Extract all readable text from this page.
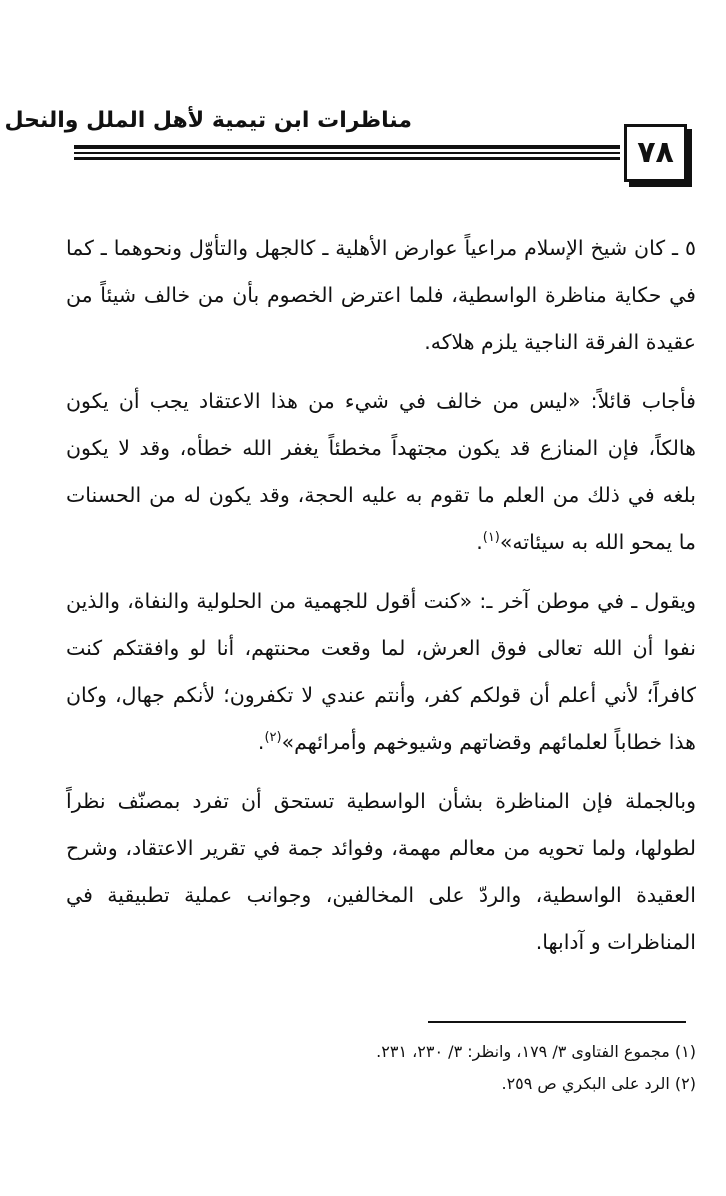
مناظرات ابن تيمية لأهل الملل والنحل
٧٨

٥ ـ كان شيخ الإسلام مراعياً عوارض الأهلية ـ كالجهل والتأوّل ونحوهما ـ كما في حكاية مناظرة الواسطية، فلما اعترض الخصوم بأن من خالف شيئاً من عقيدة الفرقة الناجية يلزم هلاكه.

فأجاب قائلاً: «ليس من خالف في شيء من هذا الاعتقاد يجب أن يكون هالكاً، فإن المنازع قد يكون مجتهداً مخطئاً يغفر الله خطأه، وقد لا يكون بلغه في ذلك من العلم ما تقوم به عليه الحجة، وقد يكون له من الحسنات ما يمحو الله به سيئاته»$^{(١)}$.

ويقول ـ في موطن آخر ـ: «كنت أقول للجهمية من الحلولية والنفاة، والذين نفوا أن الله تعالى فوق العرش، لما وقعت محنتهم، أنا لو وافقتكم كنت كافراً؛ لأني أعلم أن قولكم كفر، وأنتم عندي لا تكفرون؛ لأنكم جهال، وكان هذا خطاباً لعلمائهم وقضاتهم وشيوخهم وأمرائهم»$^{(٢)}$.

وبالجملة فإن المناظرة بشأن الواسطية تستحق أن تفرد بمصنّف نظراً لطولها، ولما تحويه من معالم مهمة، وفوائد جمة في تقرير الاعتقاد، وشرح العقيدة الواسطية، والردّ على المخالفين، وجوانب عملية تطبيقية في المناظرات و آدابها.

(١) مجموع الفتاوى ٣/ ١٧٩، وانظر: ٣/ ٢٣٠، ٢٣١.

(٢) الرد على البكري ص ٢٥٩.
